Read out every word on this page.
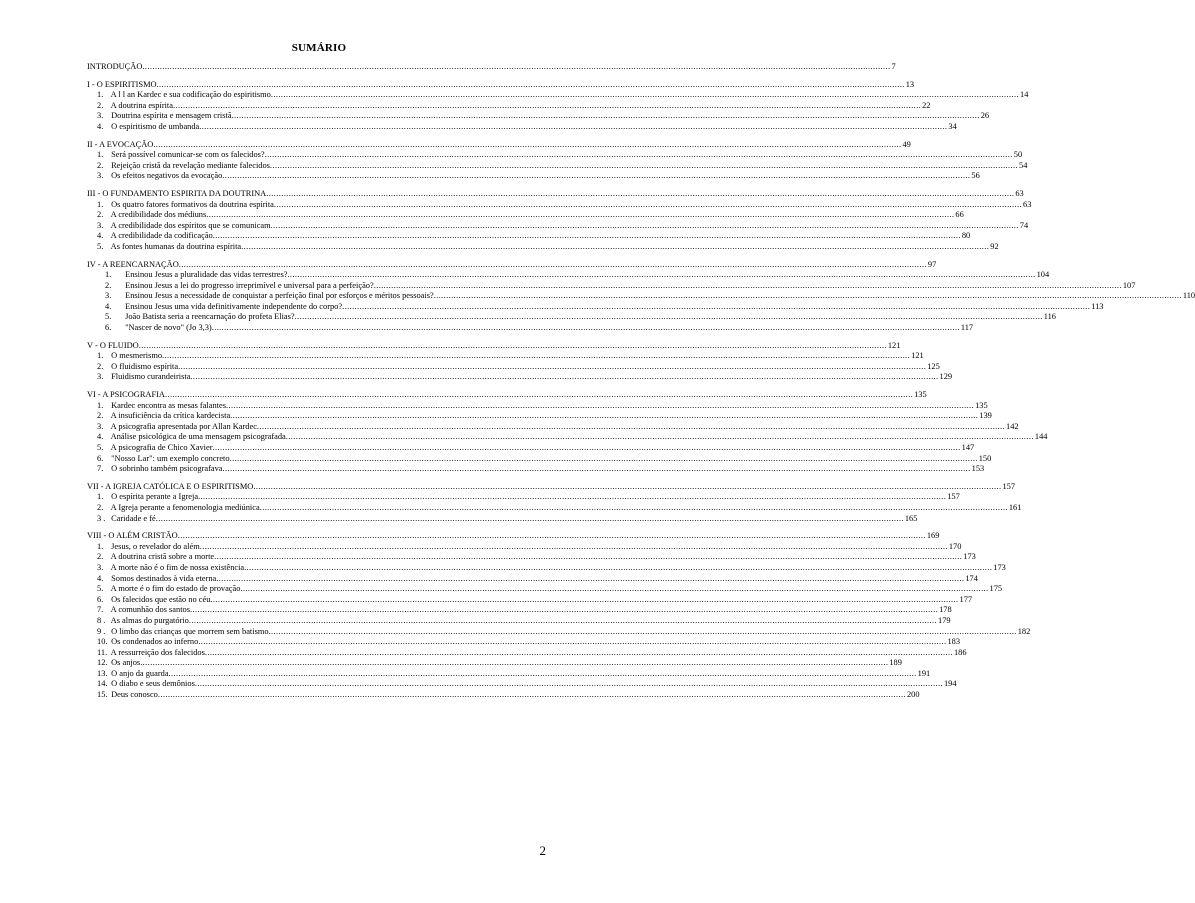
SUMÁRIO
INTRODUÇÃO ............................................................................................................................................................................................................................................................................................................ 7
I - O ESPIRITISMO ............................................................................................................................................................................................................................................................................................................ 13
1. A l l an Kardec e sua codificação do espiritismo ............................................................................................................................................................................................................................................................................................................ 14
2. A doutrina espírita ............................................................................................................................................................................................................................................................................................................ 22
3. Doutrina espírita e mensagem cristã ............................................................................................................................................................................................................................................................................................................ 26
4. O espiritismo de umbanda ............................................................................................................................................................................................................................................................................................................ 34
II - A EVOCAÇÃO ............................................................................................................................................................................................................................................................................................................ 49
1. Será possível comunicar-se com os falecidos? ............................................................................................................................................................................................................................................................................................................ 50
2. Rejeição cristã da revelação mediante falecidos ............................................................................................................................................................................................................................................................................................................ 54
3. Os efeitos negativos da evocação ............................................................................................................................................................................................................................................................................................................ 56
III - O FUNDAMENTO ESPIRITA DA DOUTRINA ............................................................................................................................................................................................................................................................................................................ 63
1. Os quatro fatores formativos da doutrina espírita ............................................................................................................................................................................................................................................................................................................ 63
2. A credibilidade dos médiuns ............................................................................................................................................................................................................................................................................................................ 66
3. A credibilidade dos espíritos que se comunicam ............................................................................................................................................................................................................................................................................................................ 74
4. A credibilidade da codificação ............................................................................................................................................................................................................................................................................................................ 80
5. As fontes humanas da doutrina espírita ............................................................................................................................................................................................................................................................................................................ 92
IV - A REENCARNAÇÃO ............................................................................................................................................................................................................................................................................................................ 97
1. Ensinou Jesus a pluralidade das vidas terrestres? ............................................................................................................................................................................................................................................................................................................ 104
2. Ensinou Jesus a lei do progresso irreprimível e universal para a perfeição? ............................................................................................................................................................................................................................................................................................................ 107
3. Ensinou Jesus a necessidade de conquistar a perfeição final por esforços e méritos pessoais? ............................................................................................................................................................................................................................................................................................................ 110
4. Ensinou Jesus uma vida definitivamente independente do corpo? ............................................................................................................................................................................................................................................................................................................ 113
5. João Batista seria a reencarnação do profeta Elias? ............................................................................................................................................................................................................................................................................................................ 116
6. "Nascer de novo" (Jo 3,3) ............................................................................................................................................................................................................................................................................................................ 117
V - O FLUIDO ............................................................................................................................................................................................................................................................................................................ 121
1. O mesmerismo ............................................................................................................................................................................................................................................................................................................ 121
2. O fluidismo espírita ............................................................................................................................................................................................................................................................................................................ 125
3. Fluidismo curandeirista ............................................................................................................................................................................................................................................................................................................ 129
VI - A PSICOGRAFIA ............................................................................................................................................................................................................................................................................................................ 135
1. Kardec encontra as mesas falantes ............................................................................................................................................................................................................................................................................................................ 135
2. A insuficiência da crítica kardecista ............................................................................................................................................................................................................................................................................................................ 139
3. A psicografia apresentada por Allan Kardec ............................................................................................................................................................................................................................................................................................................ 142
4. Análise psicológica de uma mensagem psicografada ............................................................................................................................................................................................................................................................................................................ 144
5. A psicografia de Chico Xavier ............................................................................................................................................................................................................................................................................................................ 147
6. "Nosso Lar": um exemplo concreto ............................................................................................................................................................................................................................................................................................................ 150
7. O sobrinho também psicografava ............................................................................................................................................................................................................................................................................................................ 153
VII - A IGREJA CATÓLICA E O ESPIRITISMO ............................................................................................................................................................................................................................................................................................................ 157
1. O espírita perante a Igreja ............................................................................................................................................................................................................................................................................................................ 157
2. A Igreja perante a fenomenologia mediúnica ............................................................................................................................................................................................................................................................................................................ 161
3 . Caridade e fé ............................................................................................................................................................................................................................................................................................................ 165
VIII - O ALÉM CRISTÃO ............................................................................................................................................................................................................................................................................................................ 169
1. Jesus, o revelador do além ............................................................................................................................................................................................................................................................................................................ 170
2. A doutrina cristã sobre a morte ............................................................................................................................................................................................................................................................................................................ 173
3. A morte não é o fim de nossa existência ............................................................................................................................................................................................................................................................................................................ 173
4. Somos destinados à vida eterna ............................................................................................................................................................................................................................................................................................................ 174
5. A morte é o fim do estado de provação ............................................................................................................................................................................................................................................................................................................ 175
6. Os falecidos que estão no céu ............................................................................................................................................................................................................................................................................................................ 177
7. A comunhão dos santos ............................................................................................................................................................................................................................................................................................................ 178
8 . As almas do purgatório ............................................................................................................................................................................................................................................................................................................ 179
9 . O limbo das crianças que morrem sem batismo ............................................................................................................................................................................................................................................................................................................ 182
10. Os condenados ao inferno ............................................................................................................................................................................................................................................................................................................ 183
11. A ressurreição dos falecidos ............................................................................................................................................................................................................................................................................................................ 186
12. Os anjos ............................................................................................................................................................................................................................................................................................................ 189
13. O anjo da guarda ............................................................................................................................................................................................................................................................................................................ 191
14. O diabo e seus demônios ............................................................................................................................................................................................................................................................................................................ 194
15. Deus conosco ............................................................................................................................................................................................................................................................................................................ 200
2
